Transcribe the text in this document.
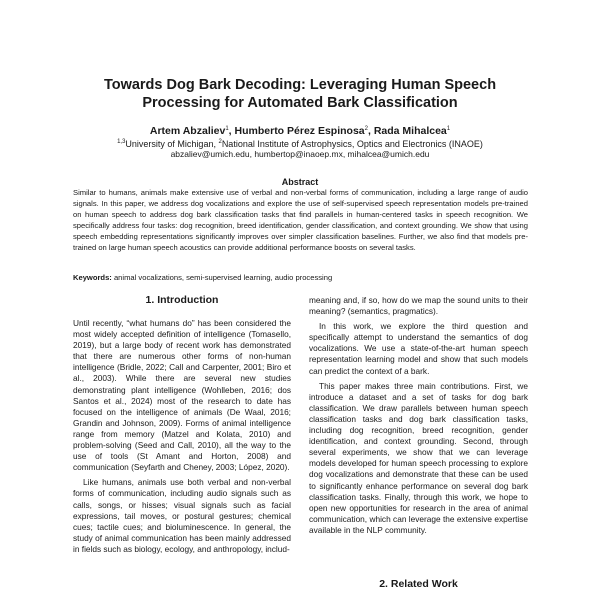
Towards Dog Bark Decoding: Leveraging Human Speech
Processing for Automated Bark Classification
Artem Abzaliev$^1$, Humberto Pérez Espinosa$^2$, Rada Mihalcea$^1$
$^{1,3}$University of Michigan, $^2$National Institute of Astrophysics, Optics and Electronics (INAOE)
abzaliev@umich.edu, humbertop@inaoep.mx, mihalcea@umich.edu
Abstract
Similar to humans, animals make extensive use of verbal and non-verbal forms of communication, including a large range of audio signals. In this paper, we address dog vocalizations and explore the use of self-supervised speech representation models pre-trained on human speech to address dog bark classification tasks that find parallels in human-centered tasks in speech recognition. We specifically address four tasks: dog recognition, breed identification, gender classification, and context grounding. We show that using speech embedding representations significantly improves over simpler classification baselines. Further, we also find that models pre-trained on large human speech acoustics can provide additional performance boosts on several tasks.
Keywords: animal vocalizations, semi-supervised learning, audio processing
1. Introduction

Until recently, “what humans do” has been considered the most widely accepted definition of intelligence (Tomasello, 2019), but a large body of recent work has demonstrated that there are numerous other forms of non-human intelligence (Bridle, 2022; Call and Carpenter, 2001; Biro et al., 2003). While there are several new studies demonstrating plant intelligence (Wohlleben, 2016; dos Santos et al., 2024) most of the research to date has focused on the intelligence of animals (De Waal, 2016; Grandin and Johnson, 2009). Forms of animal intelligence range from memory (Matzel and Kolata, 2010) and problem-solving (Seed and Call, 2010), all the way to the use of tools (St Amant and Horton, 2008) and communication (Seyfarth and Cheney, 2003; López, 2020).

Like humans, animals use both verbal and non-verbal forms of communication, including audio signals such as calls, songs, or hisses; visual signals such as facial expressions, tail moves, or postural gestures; chemical cues; tactile cues; and bioluminescence. In general, the study of animal communication has been mainly addressed in fields such as biology, ecology, and anthropology, includ-

meaning and, if so, how do we map the sound units to their meaning? (semantics, pragmatics).

In this work, we explore the third question and specifically attempt to understand the semantics of dog vocalizations. We use a state-of-the-art human speech representation learning model and show that such models can predict the context of a bark.

This paper makes three main contributions. First, we introduce a dataset and a set of tasks for dog bark classification. We draw parallels between human speech classification tasks and dog bark classification tasks, including dog recognition, breed recognition, gender identification, and context grounding. Second, through several experiments, we show that we can leverage models developed for human speech processing to explore dog vocalizations and demonstrate that these can be used to significantly enhance performance on several dog bark classification tasks. Finally, through this work, we hope to open new opportunities for research in the area of animal communication, which can leverage the extensive expertise available in the NLP community.

2. Related Work
